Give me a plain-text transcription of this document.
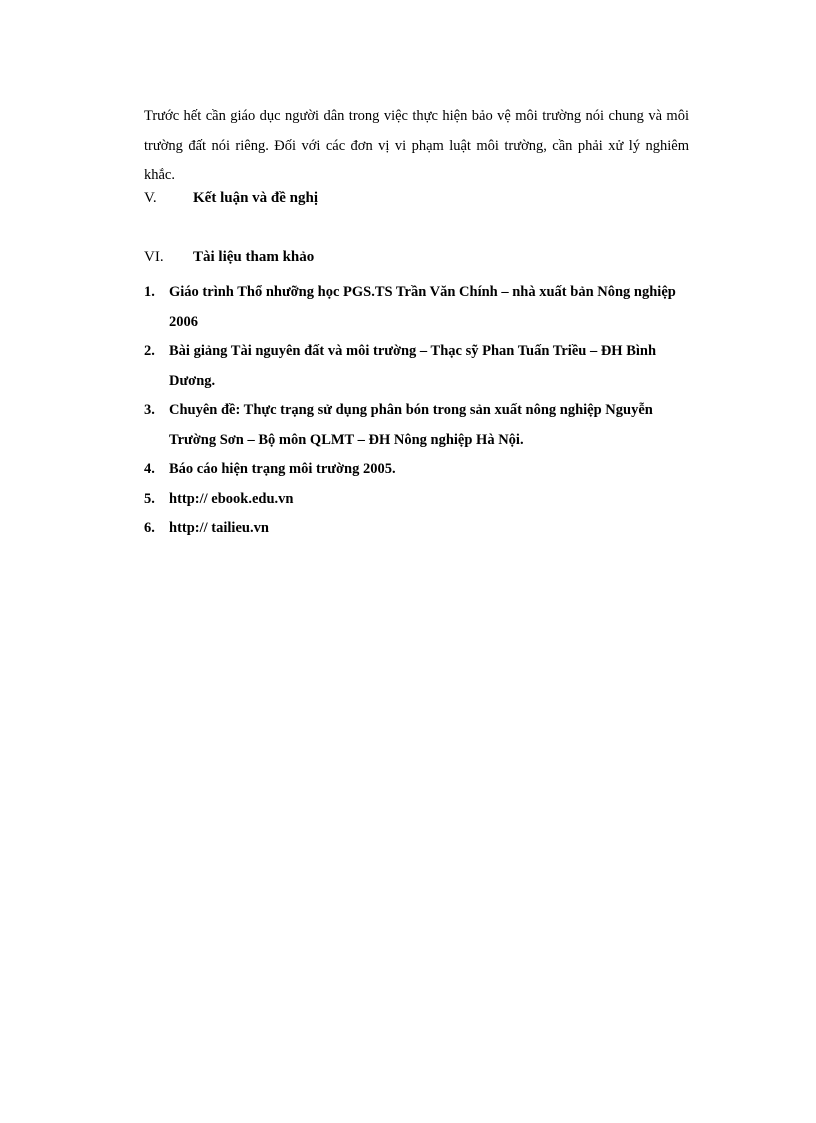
Trước hết cần giáo dục người dân trong việc thực hiện bảo vệ môi trường nói chung và môi trường đất nói riêng. Đối với các đơn vị vi phạm luật môi trường, cần phải xử lý nghiêm khắc.

V. Kết luận và đề nghị
VI. Tài liệu tham khảo
1. Giáo trình Thổ nhưỡng học PGS.TS Trần Văn Chính – nhà xuất bản Nông nghiệp 2006
2. Bài giảng Tài nguyên đất và môi trường – Thạc sỹ Phan Tuấn Triều – ĐH Bình Dương.
3. Chuyên đề: Thực trạng sử dụng phân bón trong sản xuất nông nghiệp Nguyễn Trường Sơn – Bộ môn QLMT – ĐH Nông nghiệp Hà Nội.
4. Báo cáo hiện trạng môi trường 2005.
5. http:// ebook.edu.vn
6. http:// tailieu.vn
